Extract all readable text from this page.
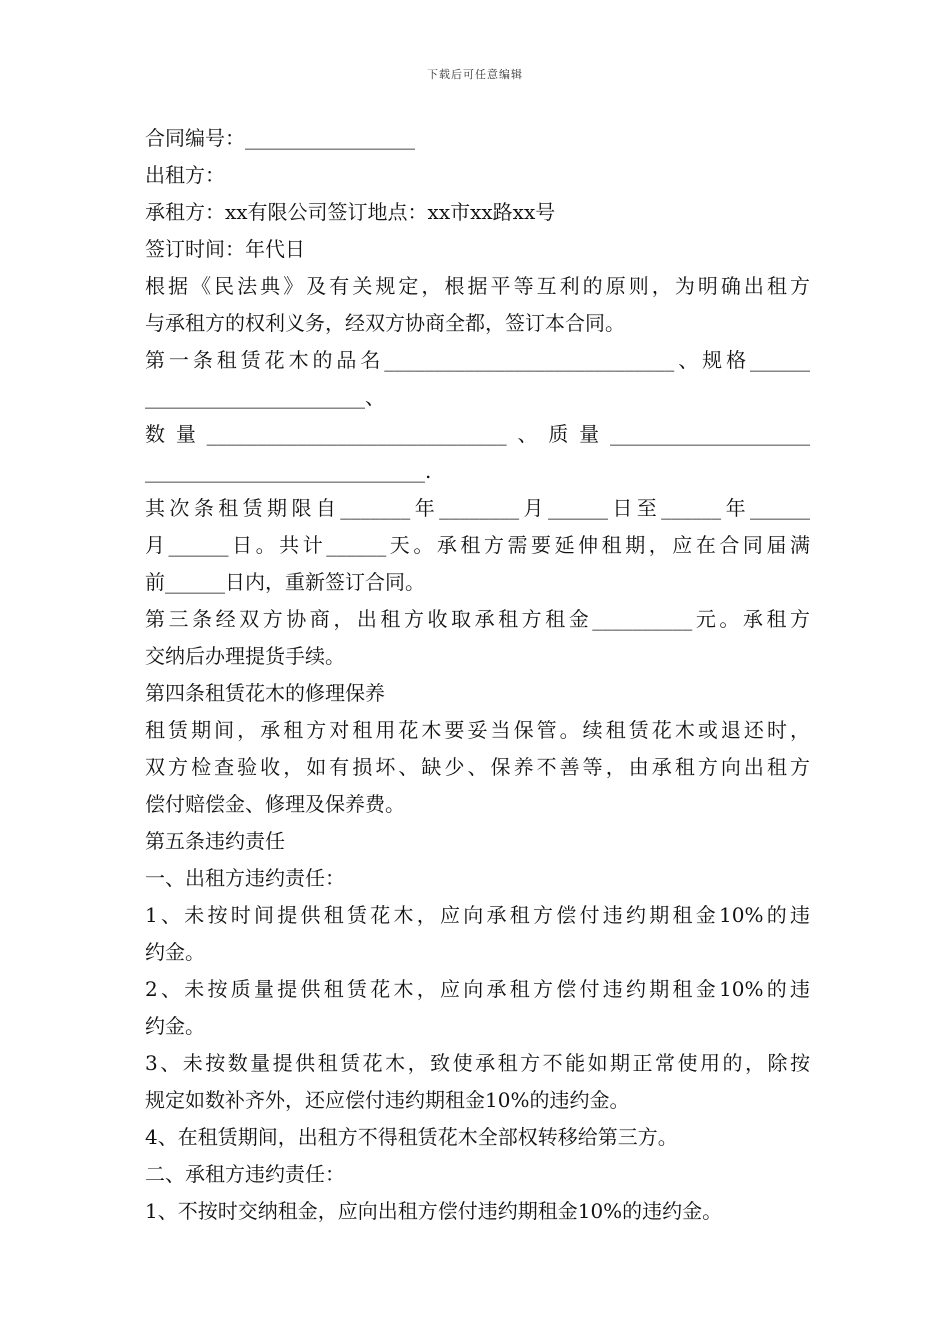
下载后可任意编辑
合同编号：_________________
出租方：
承租方：xx有限公司签订地点：xx市xx路xx号
签订时间：年代日
根据《民法典》及有关规定，根据平等互利的原则，为明确出租方
与承租方的权利义务，经双方协商全都，签订本合同。
第一条租赁花木的品名_____________________________、规格______
______________________、
数量______________________________、质量____________________
____________________________.
其次条租赁期限自_______年________月______日至______年______
月______日。共计______天。承租方需要延伸租期，应在合同届满
前______日内，重新签订合同。
第三条经双方协商，出租方收取承租方租金__________元。承租方
交纳后办理提货手续。
第四条租赁花木的修理保养
租赁期间，承租方对租用花木要妥当保管。续租赁花木或退还时，
双方检查验收，如有损坏、缺少、保养不善等，由承租方向出租方
偿付赔偿金、修理及保养费。
第五条违约责任
一、出租方违约责任：
1、未按时间提供租赁花木，应向承租方偿付违约期租金10%的违
约金。
2、未按质量提供租赁花木，应向承租方偿付违约期租金10%的违
约金。
3、未按数量提供租赁花木，致使承租方不能如期正常使用的，除按
规定如数补齐外，还应偿付违约期租金10%的违约金。
4、在租赁期间，出租方不得租赁花木全部权转移给第三方。
二、承租方违约责任：
1、不按时交纳租金，应向出租方偿付违约期租金10%的违约金。
